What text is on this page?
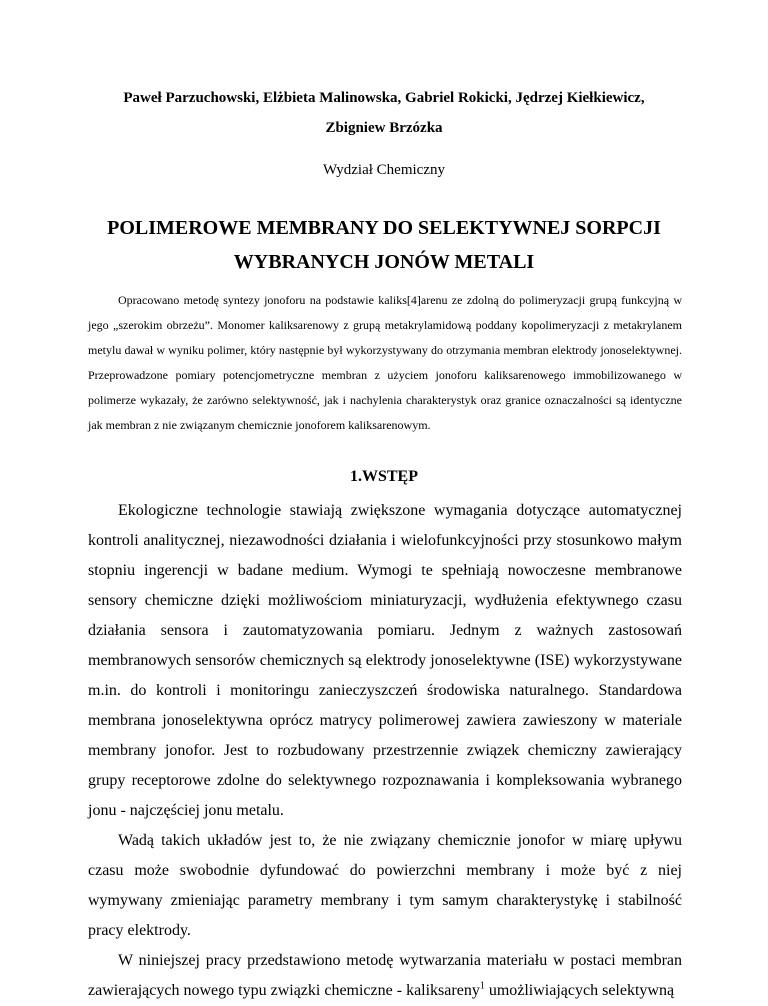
Paweł Parzuchowski, Elżbieta Malinowska, Gabriel Rokicki, Jędrzej Kiełkiewicz,
Zbigniew Brzózka
Wydział Chemiczny
POLIMEROWE MEMBRANY DO SELEKTYWNEJ SORPCJI
WYBRANYCH JONÓW METALI

Opracowano metodę syntezy jonoforu na podstawie kaliks[4]arenu ze zdolną do polimeryzacji grupą funkcyjną w jego „szerokim obrzeżu”. Monomer kaliksarenowy z grupą metakrylamidową poddany kopolimeryzacji z metakrylanem metylu dawał w wyniku polimer, który następnie był wykorzystywany do otrzymania membran elektrody jonoselektywnej. Przeprowadzone pomiary potencjometryczne membran z użyciem jonoforu kaliksarenowego immobilizowanego w polimerze wykazały, że zarówno selektywność, jak i nachylenia charakterystyk oraz granice oznaczalności są identyczne jak membran z nie związanym chemicznie jonoforem kaliksarenowym.

1.WSTĘP

Ekologiczne technologie stawiają zwiększone wymagania dotyczące automatycznej kontroli analitycznej, niezawodności działania i wielofunkcyjności przy stosunkowo małym stopniu ingerencji w badane medium. Wymogi te spełniają nowoczesne membranowe sensory chemiczne dzięki możliwościom miniaturyzacji, wydłużenia efektywnego czasu działania sensora i zautomatyzowania pomiaru. Jednym z ważnych zastosowań membranowych sensorów chemicznych są elektrody jonoselektywne (ISE) wykorzystywane m.in. do kontroli i monitoringu zanieczyszczeń środowiska naturalnego. Standardowa membrana jonoselektywna oprócz matrycy polimerowej zawiera zawieszony w materiale membrany jonofor. Jest to rozbudowany przestrzennie związek chemiczny zawierający grupy receptorowe zdolne do selektywnego rozpoznawania i kompleksowania wybranego jonu - najczęściej jonu metalu.

Wadą takich układów jest to, że nie związany chemicznie jonofor w miarę upływu czasu może swobodnie dyfundować do powierzchni membrany i może być z niej wymywany zmieniając parametry membrany i tym samym charakterystykę i stabilność pracy elektrody.

W niniejszej pracy przedstawiono metodę wytwarzania materiału w postaci membran zawierających nowego typu związki chemiczne - kaliksareny$^1$ umożliwiających selektywną
